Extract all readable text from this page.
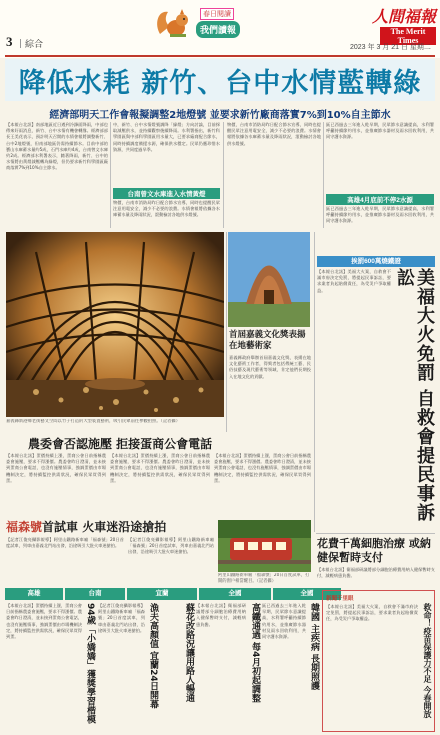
3	綜合
春日閱讀
我們讀報
人間福報
The Merit Times
2023 年 3 月 21 日 星期二
降低水耗 新竹、台中水情藍轉綠
經濟部明天工作會報擬調整2地燈號 並要求新竹廠商落實7%到10%自主節水
【本報台北訊】南部地區近日遇到冷鋒面降雨，中部也傳來好雨消息，新竹、台中水情有機會轉緣。經濟部部長王美花表示，預計明天召開的水情會報將調整新竹、台中2地燈號，但南部地區仍需持續節水。目前中部的寶山水庫蓄水量約5成，石門水庫約4成，台南曾文水庫約2成。經濟部水利署表示，隨著降雨，新竹、台中的水情將由黃燈減壓轉為綠燈，但仍要求新竹科學園區廠商落實7%到10%自主節水。
中，新竹、台中水情燈號調降「綠燈」方向討論，目前採取減壓供水，並持續觀察後續降雨。水利署指出，新竹科學園區與中部科學園區用水量大，已要求廠商配合節水，同時持續調度備援水源，確保供水穩定。民眾仍應珍惜水資源，共同度過旱季。
物價，台南市消防局昨日配合節水宣導，同時也提醒民眾注意用電安全，減少不必要的浪費。水情會報將依據各水庫蓄水量及降雨狀況，滾動檢討各地供水燈號。
區已西過去三年進入乾旱期，民眾節水意識提高，水利署呼籲持續節約用水，並推廣節水器材及雨水回收利用，共同守護水資源。
高雄4月底前不停2水源
區已西過去三年進入乾旱期，民眾節水意識提高，水利署呼籲持續節約用水，並推廣節水器材及雨水回收利用，共同守護水資源。
台南曾文水庫進入水情黃燈
物價，台南市消防局昨日配合節水宣導，同時也提醒民眾注意用電安全，減少不必要的浪費。水情會報將依據各水庫蓄水量及降雨狀況，滾動檢討各地供水燈號。
首屆嘉義文化獎表揚在地藝術家
嘉義縣政府舉辦首屆嘉義文化獎，表揚在地文化藝術工作者，得獎者包括傳統工藝、民俗技藝及現代藝術等領域，肯定他們長期投入在地文化的貢獻。
嘉義縣新港鄉老街藝文空間以竹子打造的大型裝置藝術，吸引民眾前往參觀拍照。（記者攝）
農委會否認施壓 拒接蛋商公會電話
【本報台北訊】蛋價持續上漲，蛋商公會日前指稱農委會施壓，要求不得漲價。農委會昨日澄清，並未接到蛋商公會電話，也沒有施壓情事，強調蛋價由市場機制決定，將持續監控供需狀況，確保民眾買得到蛋。
【本報台北訊】蛋價持續上漲，蛋商公會日前指稱農委會施壓，要求不得漲價。農委會昨日澄清，並未接到蛋商公會電話，也沒有施壓情事，強調蛋價由市場機制決定，將持續監控供需狀況，確保民眾買得到蛋。
【本報台北訊】蛋價持續上漲，蛋商公會日前指稱農委會施壓，要求不得漲價。農委會昨日澄清，並未接到蛋商公會電話，也沒有施壓情事，強調蛋價由市場機制決定，將持續監控供需狀況，確保民眾買得到蛋。
福森號首試車 火車迷沿途搶拍
【記者江俊亮攝影報導】阿里山鐵路新車廂「福森號」20日首度試車，列車由嘉義北門站出發，沿途吸引大批火車迷搶拍。
【記者江俊亮攝影報導】阿里山鐵路新車廂「福森號」20日首度試車，列車由嘉義北門站出發，沿途吸引大批火車迷搶拍。
阿里山鐵路新車廂「福森號」20日首度試車，打開的窗戶相當醒目。（記者攝）
挨罰600萬燒鐵證
【本報台北訊】美福大火案，自救會不滿市府決定免罰，將提起民事訴訟，要求業者負起賠償責任，為受災戶爭取權益。	美福大火免罰 自救會提民事訴訟
花費千萬細胞治療 或納健保暫時支付
【本報台北訊】衛福部研議將部分細胞治療費用納入健保暫時支付，減輕病患負擔。
高雄	台南	宜蘭	全國	全國
94歲「小嬌嬌」獲獎學習楷模
【本報台北訊】蛋價持續上漲，蛋商公會日前指稱農委會施壓，要求不得漲價。農委會昨日澄清，並未接到蛋商公會電話，也沒有施壓情事，強調蛋價由市場機制決定，將持續監控供需狀況，確保民眾買得到蛋。	漁夫高顏值 宜蘭24日開幕
【記者江俊亮攝影報導】阿里山鐵路新車廂「福森號」20日首度試車，列車由嘉義北門站出發，沿途吸引大批火車迷搶拍。	蘇花改路況讓用路人暢通 【本報台北訊】衛福部研議將部分細胞治療費用納入健保暫時支付，減輕病患負擔。	高鐵通過 每4月初起調整 區已西過去三年進入乾旱期，民眾節水意識提高，水利署呼籲持續節約用水，並推廣節水器材及雨水回收利用，共同守護水資源。	韓國 主疾病 長期照護
新聞千里眼
救命！疫苗保護力不足 今春開放
【本報台北訊】美福大火案，自救會不滿市府決定免罰，將提起民事訴訟，要求業者負起賠償責任，為受災戶爭取權益。
